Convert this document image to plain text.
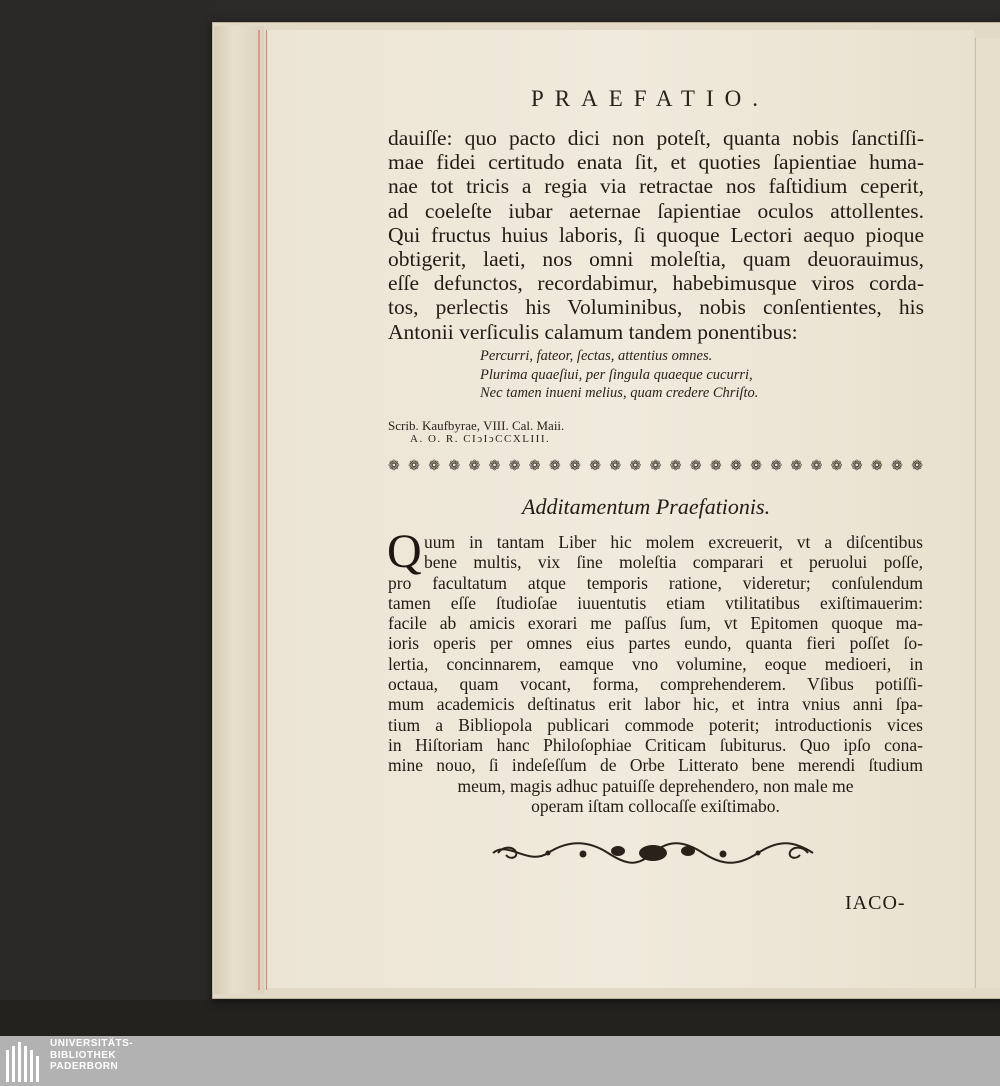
PRAEFATIO.
dauiſſe: quo pacto dici non poteſt, quanta nobis ſanctiſſi-
mae fidei certitudo enata ſit, et quoties ſapientiae huma-
nae tot tricis a regia via retractae nos faſtidium ceperit,
ad coeleſte iubar aeternae ſapientiae oculos attollentes.
Qui fructus huius laboris, ſi quoque Lectori aequo pioque
obtigerit, laeti, nos omni moleſtia, quam deuorauimus,
eſſe defunctos, recordabimur, habebimusque viros corda-
tos, perlectis his Voluminibus, nobis conſentientes, his
Antonii verſiculis calamum tandem ponentibus:
Percurri, fateor, ſectas, attentius omnes.
Plurima quaeſiui, per ſingula quaeque cucurri,
Nec tamen inueni melius, quam credere Chriſto.
Scrib. Kaufbyrae, VIII. Cal. Maii.
A. O. R. CIↄIↄCCXLIII.
❁ ❁ ❁ ❁ ❁ ❁ ❁ ❁ ❁ ❁ ❁ ❁ ❁ ❁ ❁ ❁ ❁ ❁ ❁ ❁ ❁ ❁ ❁ ❁ ❁ ❁ ❁
Additamentum Praefationis.
Q uum in tantam Liber hic molem excreuerit, vt a diſcentibus
bene multis, vix ſine moleſtia comparari et peruolui poſſe,
pro facultatum atque temporis ratione, videretur; conſulendum
tamen eſſe ſtudioſae iuuentutis etiam vtilitatibus exiſtimauerim:
facile ab amicis exorari me paſſus ſum, vt Epitomen quoque ma-
ioris operis per omnes eius partes eundo, quanta fieri poſſet ſo-
lertia, concinnarem, eamque vno volumine, eoque medioeri, in
octaua, quam vocant, forma, comprehenderem. Vſibus potiſſi-
mum academicis deſtinatus erit labor hic, et intra vnius anni ſpa-
tium a Bibliopola publicari commode poterit; introductionis vices
in Hiſtoriam hanc Philoſophiae Criticam ſubiturus. Quo ipſo cona-
mine nouo, ſi indeſeſſum de Orbe Litterato bene merendi ſtudium
meum, magis adhuc patuiſſe deprehendero, non male me
operam iſtam collocaſſe exiſtimabo.
IACO-
UNIVERSITÄTS-
BIBLIOTHEK
PADERBORN
